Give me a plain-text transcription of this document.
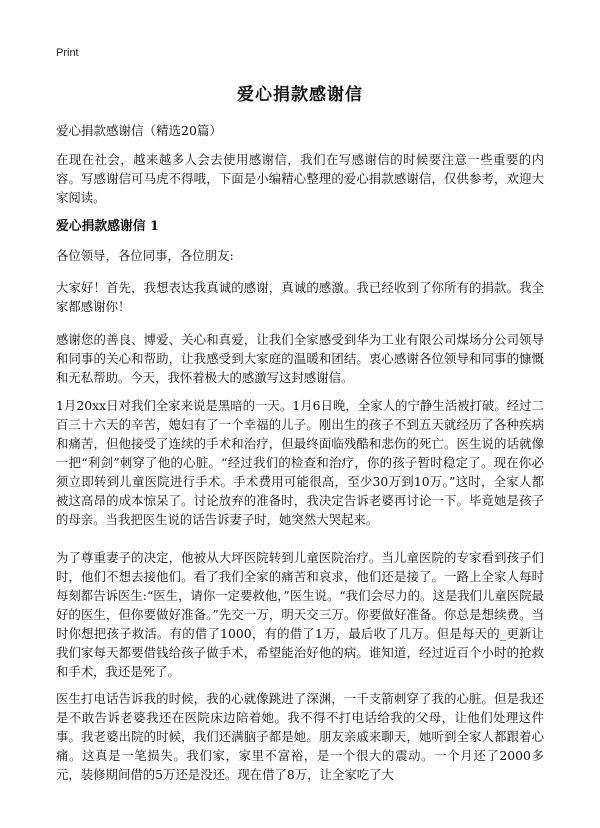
Print
爱心捐款感谢信
爱心捐款感谢信（精选20篇）

在现在社会，越来越多人会去使用感谢信，我们在写感谢信的时候要注意一些重要的内容。写感谢信可马虎不得哦，下面是小编精心整理的爱心捐款感谢信，仅供参考，欢迎大家阅读。

爱心捐款感谢信 1

各位领导，各位同事，各位朋友:

大家好！首先，我想表达我真诚的感谢，真诚的感激。我已经收到了你所有的捐款。我全家都感谢你！

感谢您的善良、博爱、关心和真爱，让我们全家感受到华为工业有限公司煤场分公司领导和同事的关心和帮助，让我感受到大家庭的温暖和团结。衷心感谢各位领导和同事的慷慨和无私帮助。今天，我怀着极大的感激写这封感谢信。

1月20xx日对我们全家来说是黑暗的一天。1月6日晚，全家人的宁静生活被打破。经过二百三十六天的辛苦，媳妇有了一个幸福的儿子。刚出生的孩子不到五天就经历了各种疾病和痛苦，但他接受了连续的手术和治疗，但最终面临残酷和悲伤的死亡。医生说的话就像一把“利剑”刺穿了他的心脏。“经过我们的检查和治疗，你的孩子暂时稳定了。现在你必须立即转到儿童医院进行手术。手术费用可能很高，至少30万到10万。”这时，全家人都被这高昂的成本惊呆了。讨论放弃的准备时，我决定告诉老婆再讨论一下。毕竟她是孩子的母亲。当我把医生说的话告诉妻子时，她突然大哭起来。

为了尊重妻子的决定，他被从大坪医院转到儿童医院治疗。当儿童医院的专家看到孩子们时，他们不想去接他们。看了我们全家的痛苦和哀求，他们还是接了。一路上全家人每时每刻都告诉医生:“医生，请你一定要救他，”医生说。“我们会尽力的。这是我们儿童医院最好的医生，但你要做好准备。”先交一万，明天交三万。你要做好准备。你总是想续费。当时你想把孩子救活。有的借了1000，有的借了1万，最后收了几万。但是每天的_更新让我们家每天都要借钱给孩子做手术，希望能治好他的病。谁知道，经过近百个小时的抢救和手术，我还是死了。

医生打电话告诉我的时候，我的心就像跳进了深渊，一千支箭刺穿了我的心脏。但是我还是不敢告诉老婆我还在医院床边陪着她。我不得不打电话给我的父母，让他们处理这件事。我老婆出院的时候，我们还满脑子都是她。朋友亲戚来聊天，她听到全家人都跟着心痛。这真是一笔损失。我们家，家里不富裕，是一个很大的震动。一个月还了2000多元，装修期间借的5万还是没还。现在借了8万，让全家吃了大
